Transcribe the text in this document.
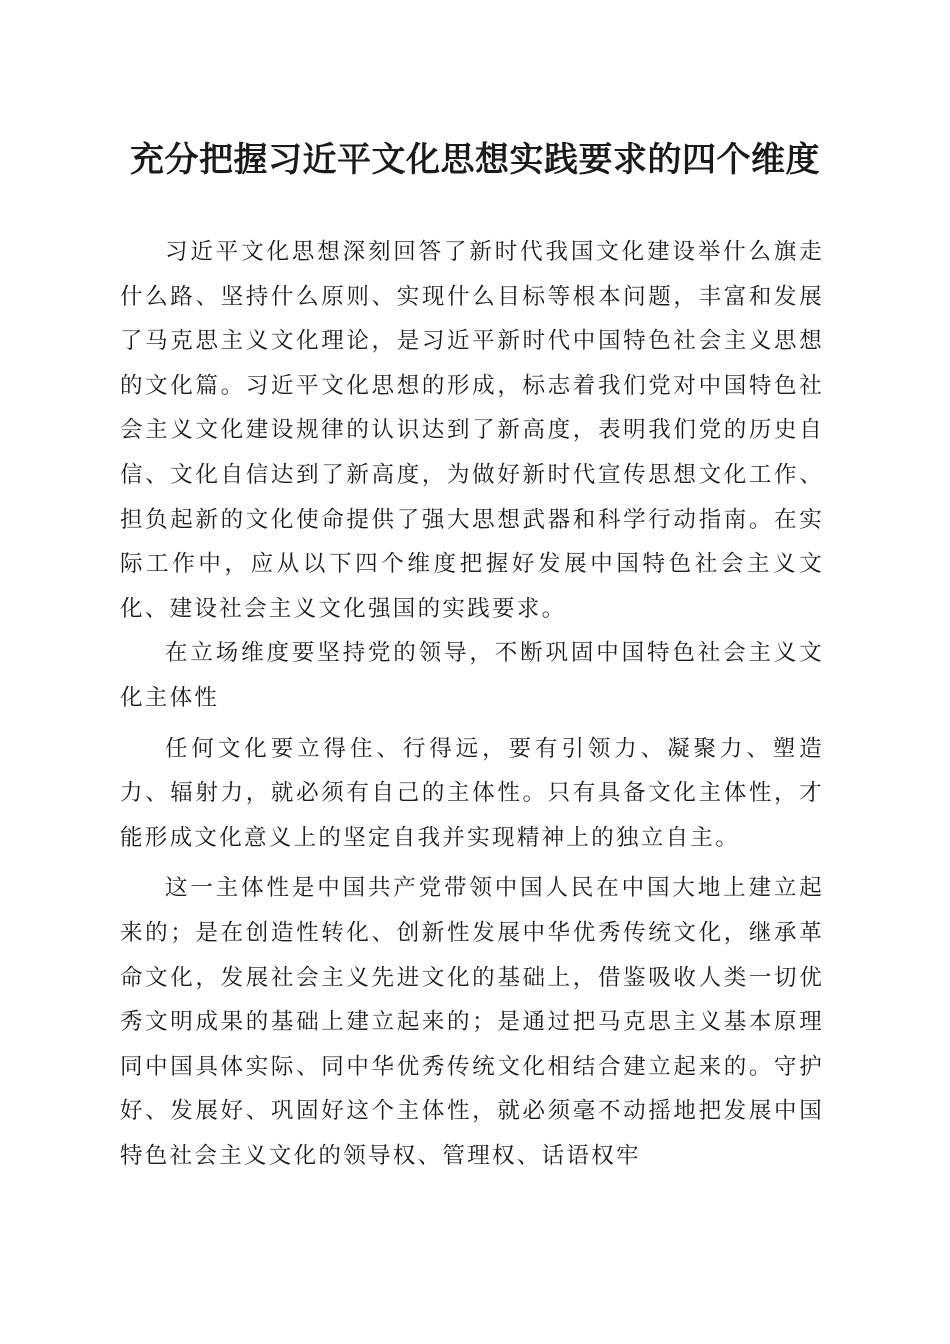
充分把握习近平文化思想实践要求的四个维度

习近平文化思想深刻回答了新时代我国文化建设举什么旗走什么路、坚持什么原则、实现什么目标等根本问题，丰富和发展了马克思主义文化理论，是习近平新时代中国特色社会主义思想的文化篇。习近平文化思想的形成，标志着我们党对中国特色社会主义文化建设规律的认识达到了新高度，表明我们党的历史自信、文化自信达到了新高度，为做好新时代宣传思想文化工作、担负起新的文化使命提供了强大思想武器和科学行动指南。在实际工作中，应从以下四个维度把握好发展中国特色社会主义文化、建设社会主义文化强国的实践要求。

在立场维度要坚持党的领导，不断巩固中国特色社会主义文化主体性

任何文化要立得住、行得远，要有引领力、凝聚力、塑造力、辐射力，就必须有自己的主体性。只有具备文化主体性，才能形成文化意义上的坚定自我并实现精神上的独立自主。

这一主体性是中国共产党带领中国人民在中国大地上建立起来的；是在创造性转化、创新性发展中华优秀传统文化，继承革命文化，发展社会主义先进文化的基础上，借鉴吸收人类一切优秀文明成果的基础上建立起来的；是通过把马克思主义基本原理同中国具体实际、同中华优秀传统文化相结合建立起来的。守护好、发展好、巩固好这个主体性，就必须毫不动摇地把发展中国特色社会主义文化的领导权、管理权、话语权牢
